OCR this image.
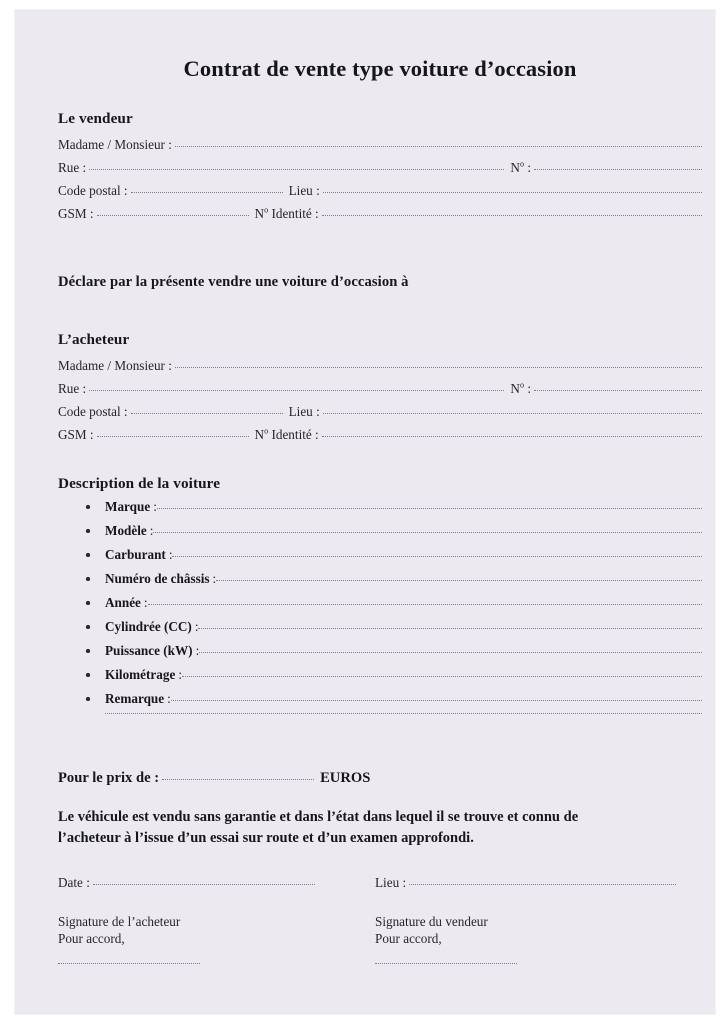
Contrat de vente type voiture d’occasion
Le vendeur
Madame / Monsieur :
Rue :	$N^o$ :
Code postal :	Lieu :
GSM :	$N^o$ Identité :
Déclare par la présente vendre une voiture d’occasion à
L’acheteur
Madame / Monsieur :
Rue :	$N^o$ :
Code postal :	Lieu :
GSM :	$N^o$ Identité :
Description de la voiture
Marque :
Modèle :
Carburant :
Numéro de châssis :
Année :
Cylindrée (CC) :
Puissance (kW) :
Kilométrage :
Remarque :
Pour le prix de :	EUROS

Le véhicule est vendu sans garantie et dans l’état dans lequel il se trouve et connu de l’acheteur à l’issue d’un essai sur route et d’un examen approfondi.

Date :
Signature de l’acheteur
Pour accord,
Lieu :
Signature du vendeur
Pour accord,
